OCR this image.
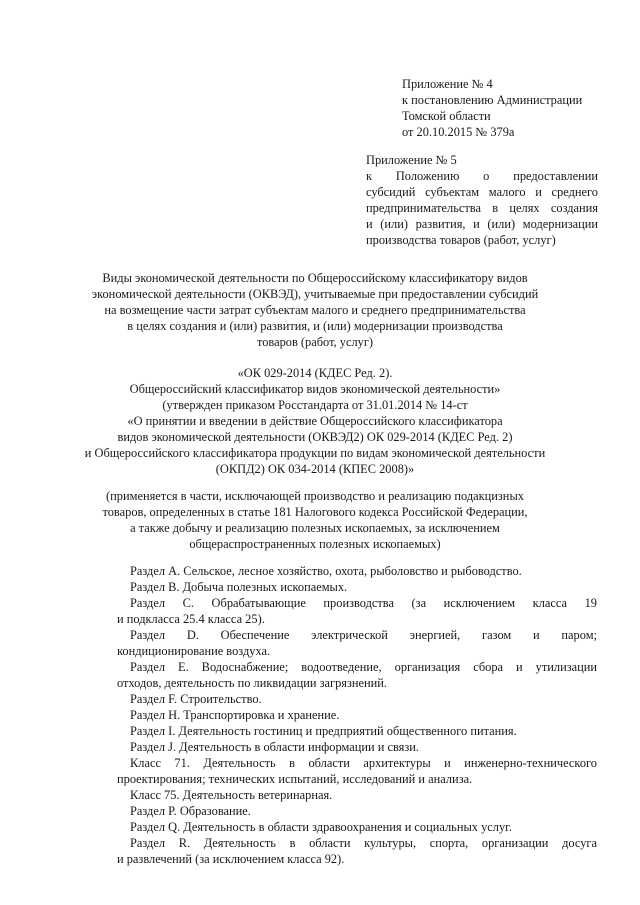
Приложение № 4
к постановлению Администрации
Томской области
от 20.10.2015 № 379а
Приложение № 5
к Положению о предоставлении
субсидий субъектам малого и среднего
предпринимательства в целях создания
и (или) развития, и (или) модернизации
производства товаров (работ, услуг)
Виды экономической деятельности по Общероссийскому классификатору видов
экономической деятельности (ОКВЭД), учитываемые при предоставлении субсидий
на возмещение части затрат субъектам малого и среднего предпринимательства
в целях создания и (или) развития, и (или) модернизации производства
товаров (работ, услуг)
«ОК 029-2014 (КДЕС Ред. 2).
Общероссийский классификатор видов экономической деятельности»
(утвержден приказом Росстандарта от 31.01.2014 № 14-ст
«О принятии и введении в действие Общероссийского классификатора
видов экономической деятельности (ОКВЭД2) ОК 029-2014 (КДЕС Ред. 2)
и Общероссийского классификатора продукции по видам экономической деятельности
(ОКПД2) ОК 034-2014 (КПЕС 2008)»
(применяется в части, исключающей производство и реализацию подакцизных
товаров, определенных в статье 181 Налогового кодекса Российской Федерации,
а также добычу и реализацию полезных ископаемых, за исключением
общераспространенных полезных ископаемых)
Раздел A. Сельское, лесное хозяйство, охота, рыболовство и рыбоводство.
Раздел B. Добыча полезных ископаемых.
Раздел C. Обрабатывающие производства (за исключением класса 19
и подкласса 25.4 класса 25).
Раздел D. Обеспечение электрической энергией, газом и паром;
кондиционирование воздуха.
Раздел E. Водоснабжение; водоотведение, организация сбора и утилизации
отходов, деятельность по ликвидации загрязнений.
Раздел F. Строительство.
Раздел H. Транспортировка и хранение.
Раздел I. Деятельность гостиниц и предприятий общественного питания.
Раздел J. Деятельность в области информации и связи.
Класс 71. Деятельность в области архитектуры и инженерно-технического
проектирования; технических испытаний, исследований и анализа.
Класс 75. Деятельность ветеринарная.
Раздел P. Образование.
Раздел Q. Деятельность в области здравоохранения и социальных услуг.
Раздел R. Деятельность в области культуры, спорта, организации досуга
и развлечений (за исключением класса 92).
